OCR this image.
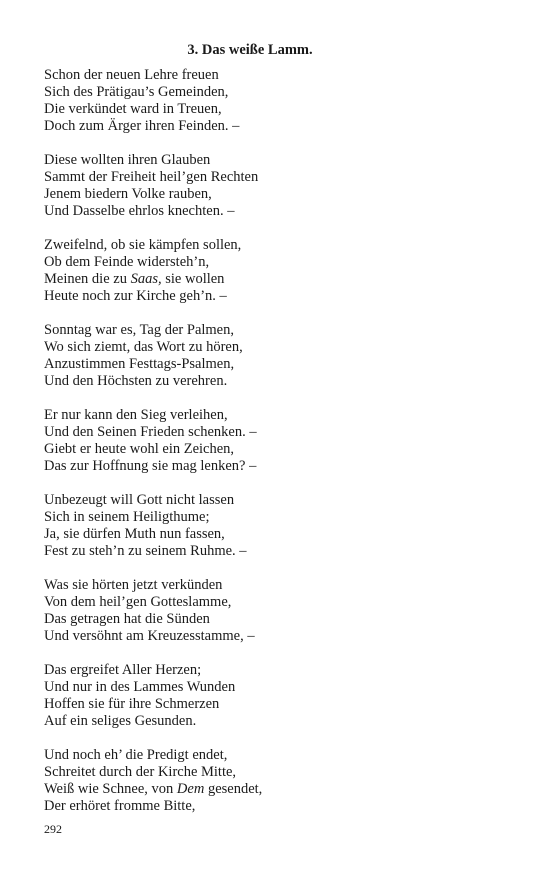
3. Das weiße Lamm.
Schon der neuen Lehre freuen
Sich des Prätigau’s Gemeinden,
Die verkündet ward in Treuen,
Doch zum Ärger ihren Feinden. –
Diese wollten ihren Glauben
Sammt der Freiheit heil’gen Rechten
Jenem biedern Volke rauben,
Und Dasselbe ehrlos knechten. –
Zweifelnd, ob sie kämpfen sollen,
Ob dem Feinde widersteh’n,
Meinen die zu Saas, sie wollen
Heute noch zur Kirche geh’n. –
Sonntag war es, Tag der Palmen,
Wo sich ziemt, das Wort zu hören,
Anzustimmen Festtags-Psalmen,
Und den Höchsten zu verehren.
Er nur kann den Sieg verleihen,
Und den Seinen Frieden schenken. –
Giebt er heute wohl ein Zeichen,
Das zur Hoffnung sie mag lenken? –
Unbezeugt will Gott nicht lassen
Sich in seinem Heiligthume;
Ja, sie dürfen Muth nun fassen,
Fest zu steh’n zu seinem Ruhme. –
Was sie hörten jetzt verkünden
Von dem heil’gen Gotteslamme,
Das getragen hat die Sünden
Und versöhnt am Kreuzesstamme, –
Das ergreifet Aller Herzen;
Und nur in des Lammes Wunden
Hoffen sie für ihre Schmerzen
Auf ein seliges Gesunden.
Und noch eh’ die Predigt endet,
Schreitet durch der Kirche Mitte,
Weiß wie Schnee, von Dem gesendet,
Der erhöret fromme Bitte,
292
